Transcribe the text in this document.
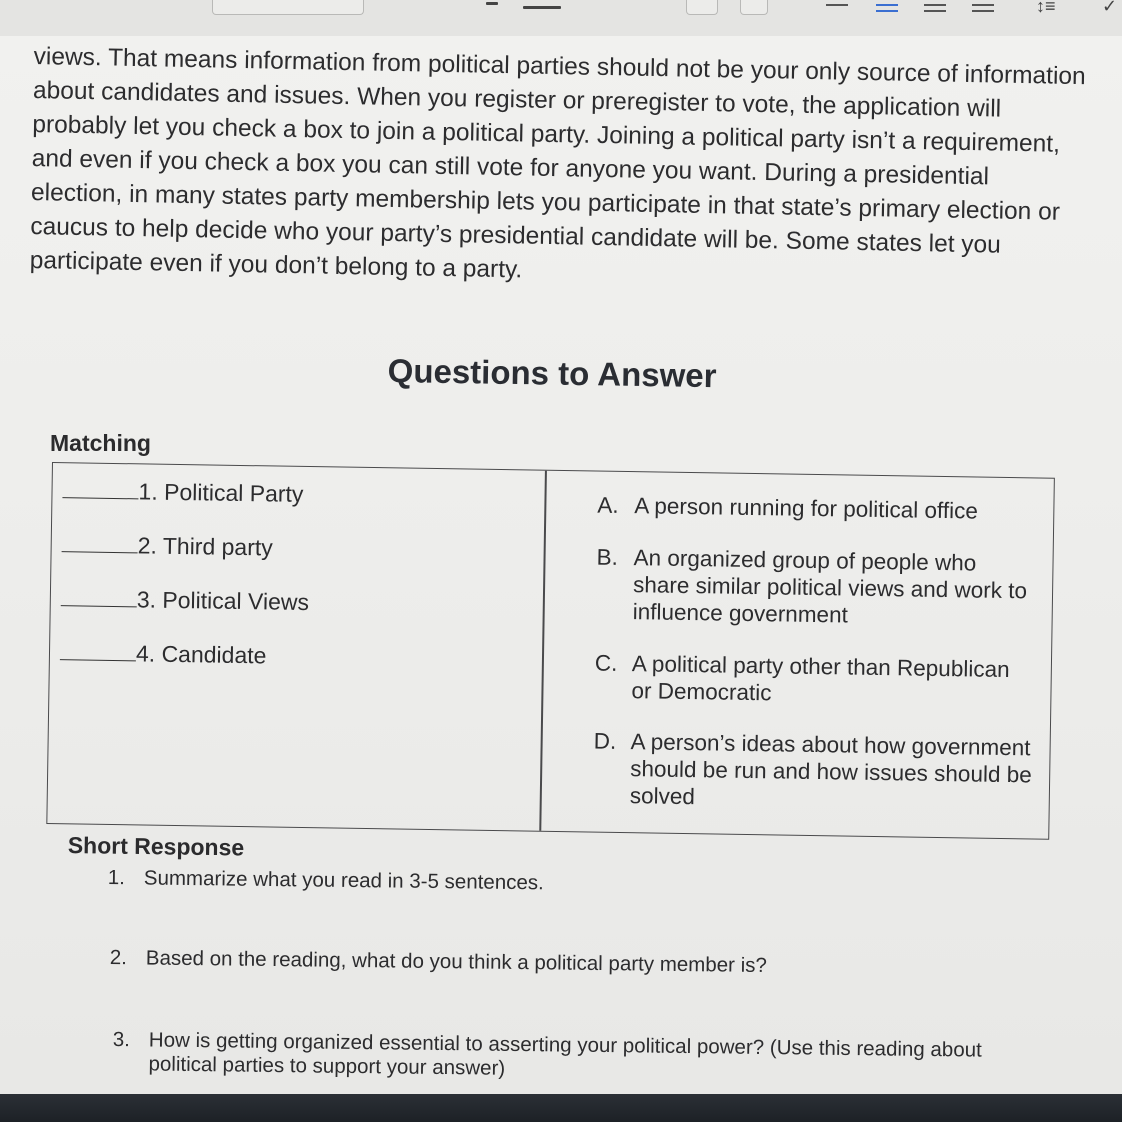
↕≡	✓
views. That means information from political parties should not be your only source of information about candidates and issues. When you register or preregister to vote, the application will probably let you check a box to join a political party. Joining a political party isn’t a requirement, and even if you check a box you can still vote for anyone you want. During a presidential election, in many states party membership lets you participate in that state’s primary election or caucus to help decide who your party’s presidential candidate will be. Some states let you participate even if you don’t belong to a party.
Questions to Answer
Matching
1. Political Party
2. Third party
3. Political Views
4. Candidate
A. A person running for political office
B. An organized group of people who share similar political views and work to influence government
C. A political party other than Republican or Democratic
D. A person’s ideas about how government should be run and how issues should be solved
Short Response
1. Summarize what you read in 3-5 sentences.
2. Based on the reading, what do you think a political party member is?
3. How is getting organized essential to asserting your political power? (Use this reading about political parties to support your answer)
